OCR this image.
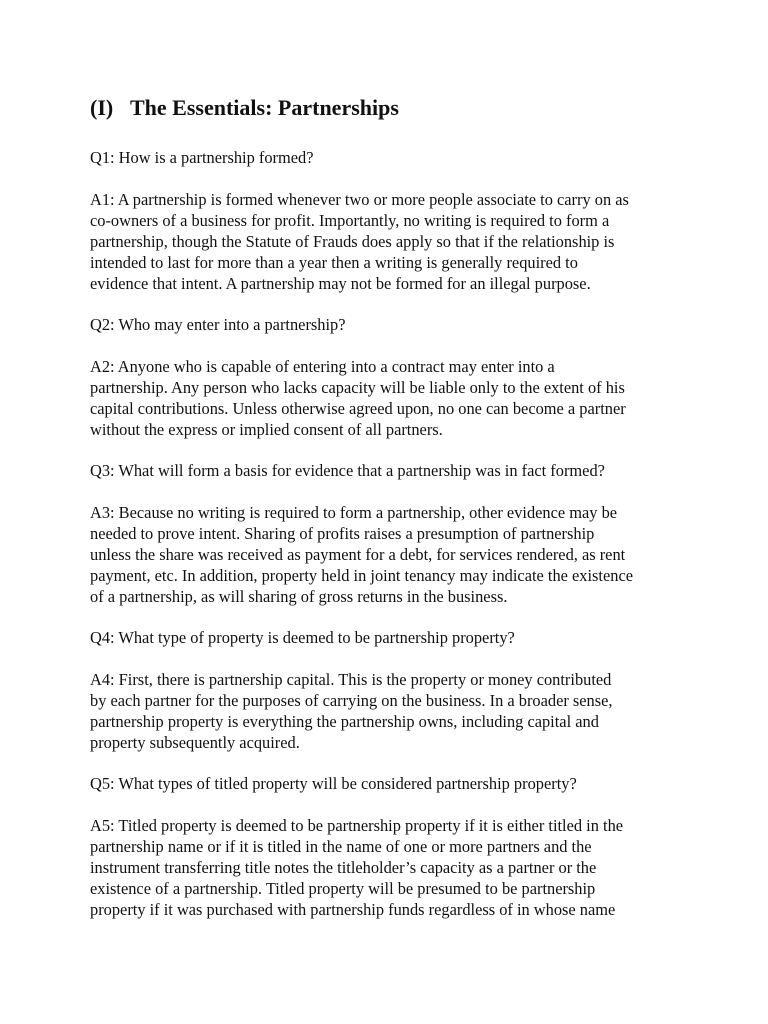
(I) The Essentials: Partnerships
Q1: How is a partnership formed?
A1: A partnership is formed whenever two or more people associate to carry on as
co-owners of a business for profit. Importantly, no writing is required to form a
partnership, though the Statute of Frauds does apply so that if the relationship is
intended to last for more than a year then a writing is generally required to
evidence that intent. A partnership may not be formed for an illegal purpose.
Q2: Who may enter into a partnership?
A2: Anyone who is capable of entering into a contract may enter into a
partnership. Any person who lacks capacity will be liable only to the extent of his
capital contributions. Unless otherwise agreed upon, no one can become a partner
without the express or implied consent of all partners.
Q3: What will form a basis for evidence that a partnership was in fact formed?
A3: Because no writing is required to form a partnership, other evidence may be
needed to prove intent. Sharing of profits raises a presumption of partnership
unless the share was received as payment for a debt, for services rendered, as rent
payment, etc. In addition, property held in joint tenancy may indicate the existence
of a partnership, as will sharing of gross returns in the business.
Q4: What type of property is deemed to be partnership property?
A4: First, there is partnership capital. This is the property or money contributed
by each partner for the purposes of carrying on the business. In a broader sense,
partnership property is everything the partnership owns, including capital and
property subsequently acquired.
Q5: What types of titled property will be considered partnership property?
A5: Titled property is deemed to be partnership property if it is either titled in the
partnership name or if it is titled in the name of one or more partners and the
instrument transferring title notes the titleholder’s capacity as a partner or the
existence of a partnership. Titled property will be presumed to be partnership
property if it was purchased with partnership funds regardless of in whose name
